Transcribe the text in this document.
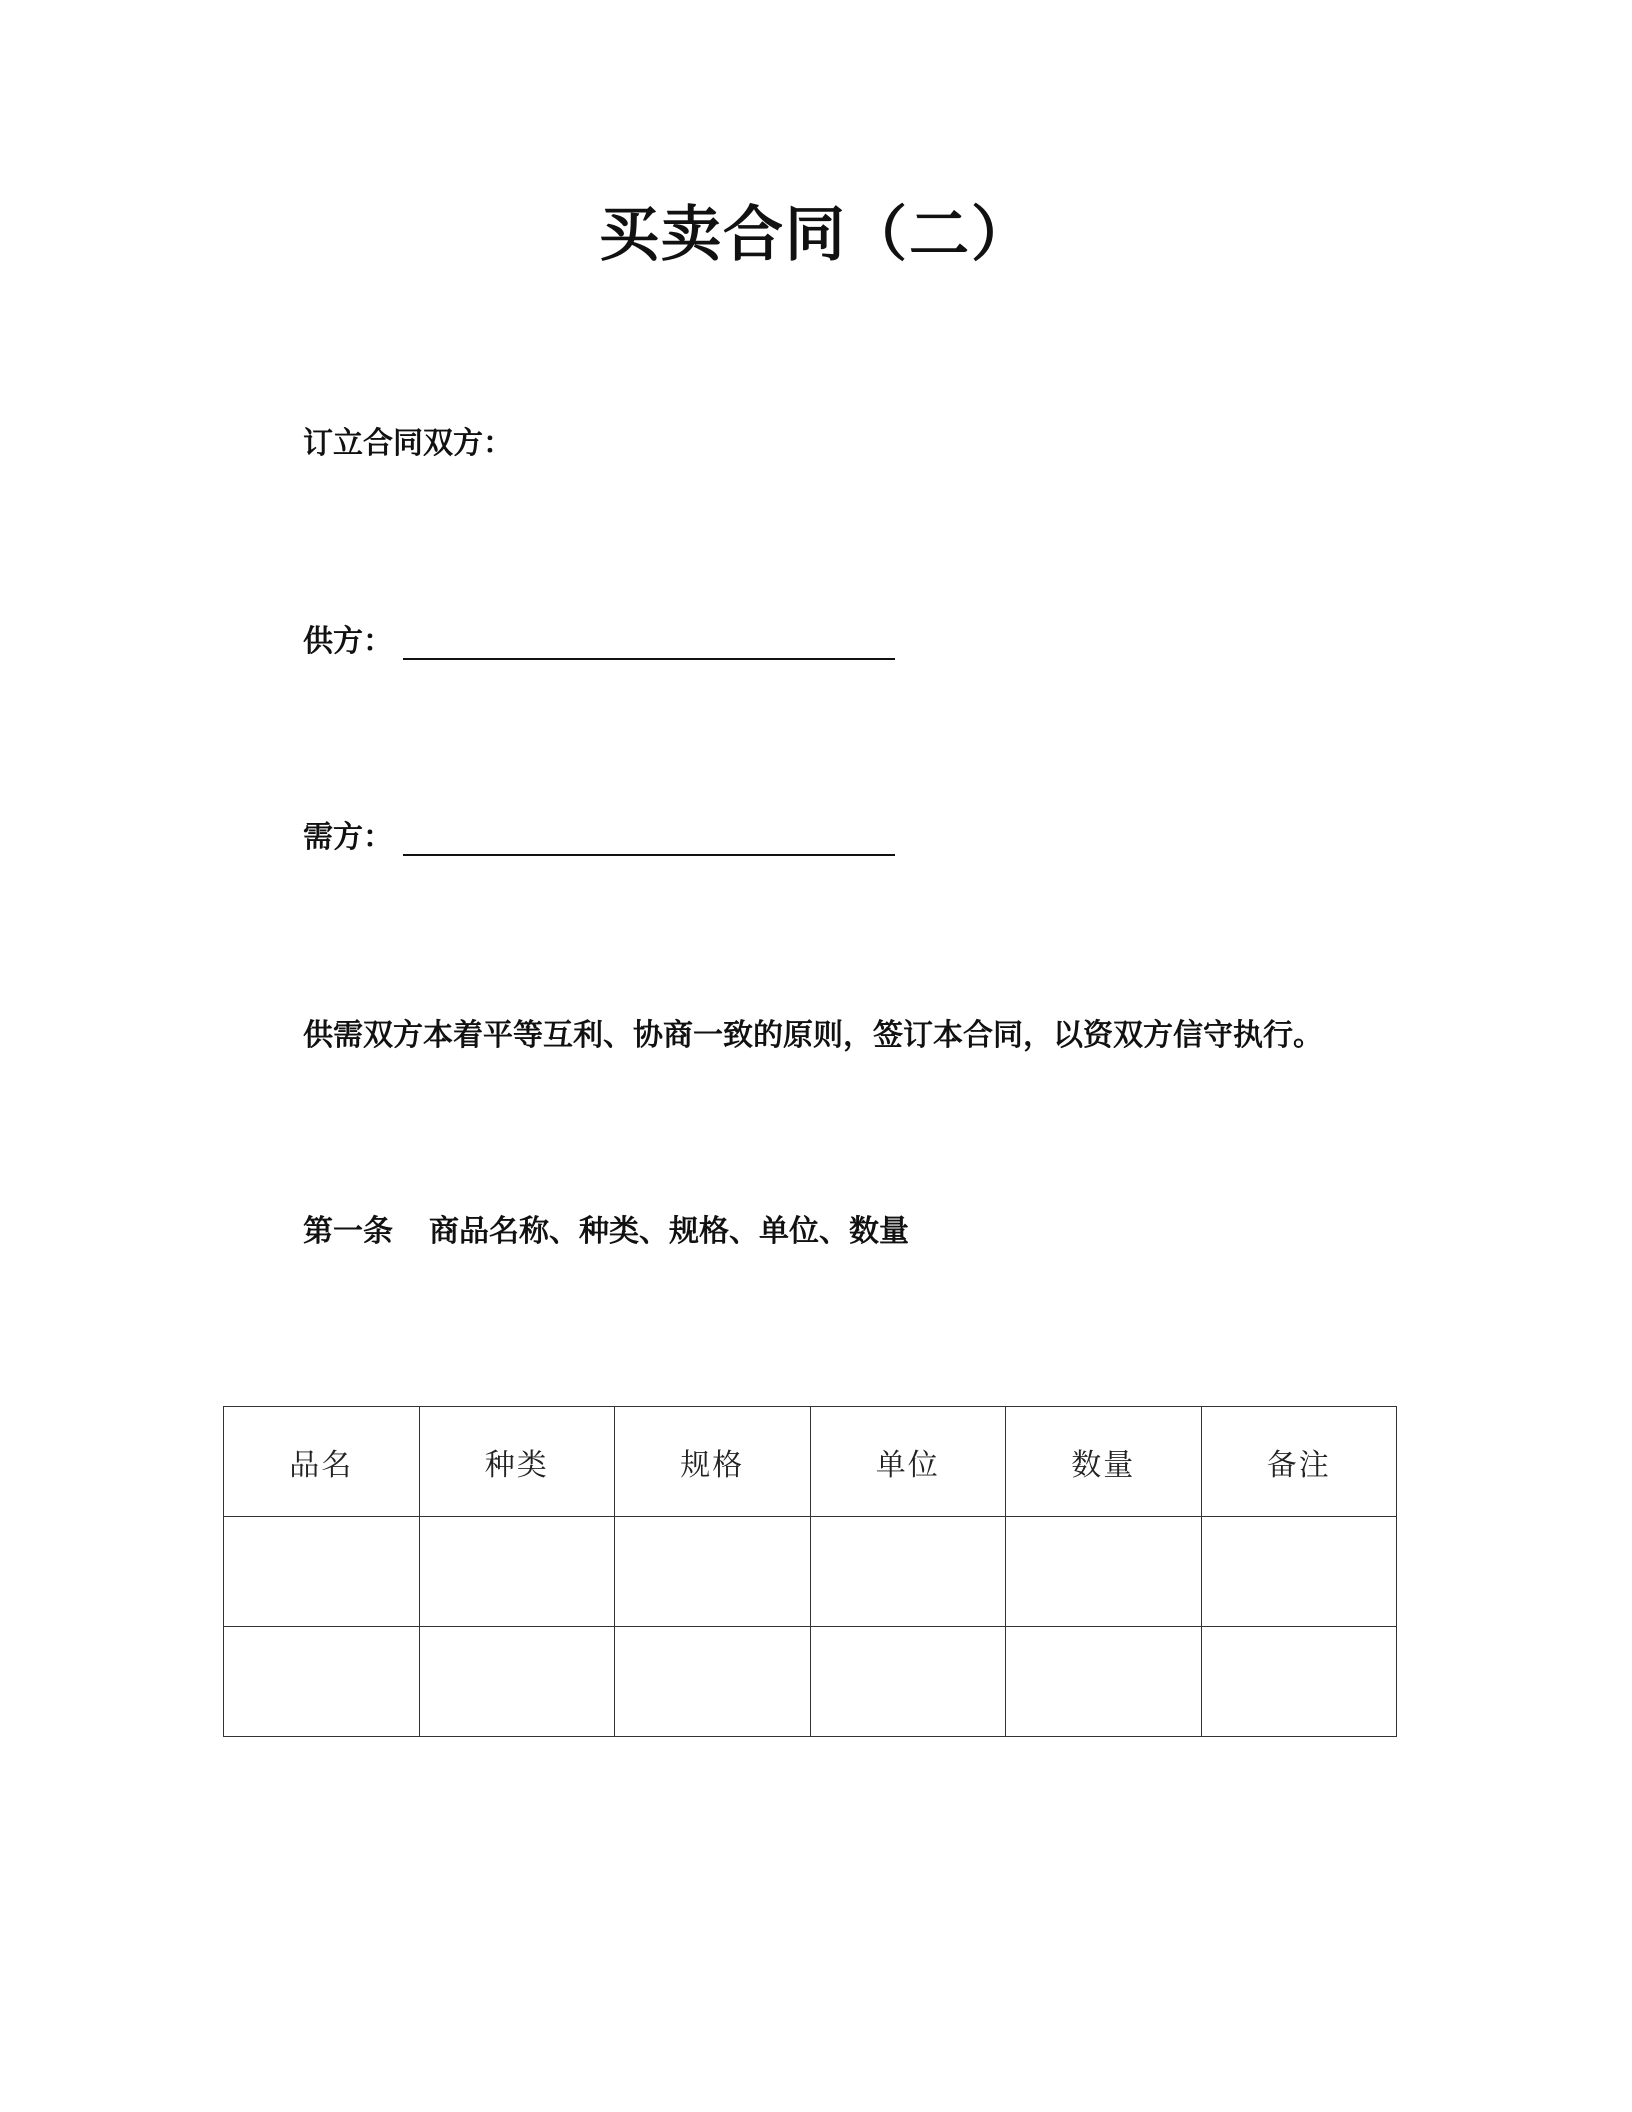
买卖合同（二）
订立合同双方：
供方：
需方：
供需双方本着平等互利、协商一致的原则，签订本合同，以资双方信守执行。
第一条 商品名称、种类、规格、单位、数量
品名	种类	规格	单位	数量	备注
